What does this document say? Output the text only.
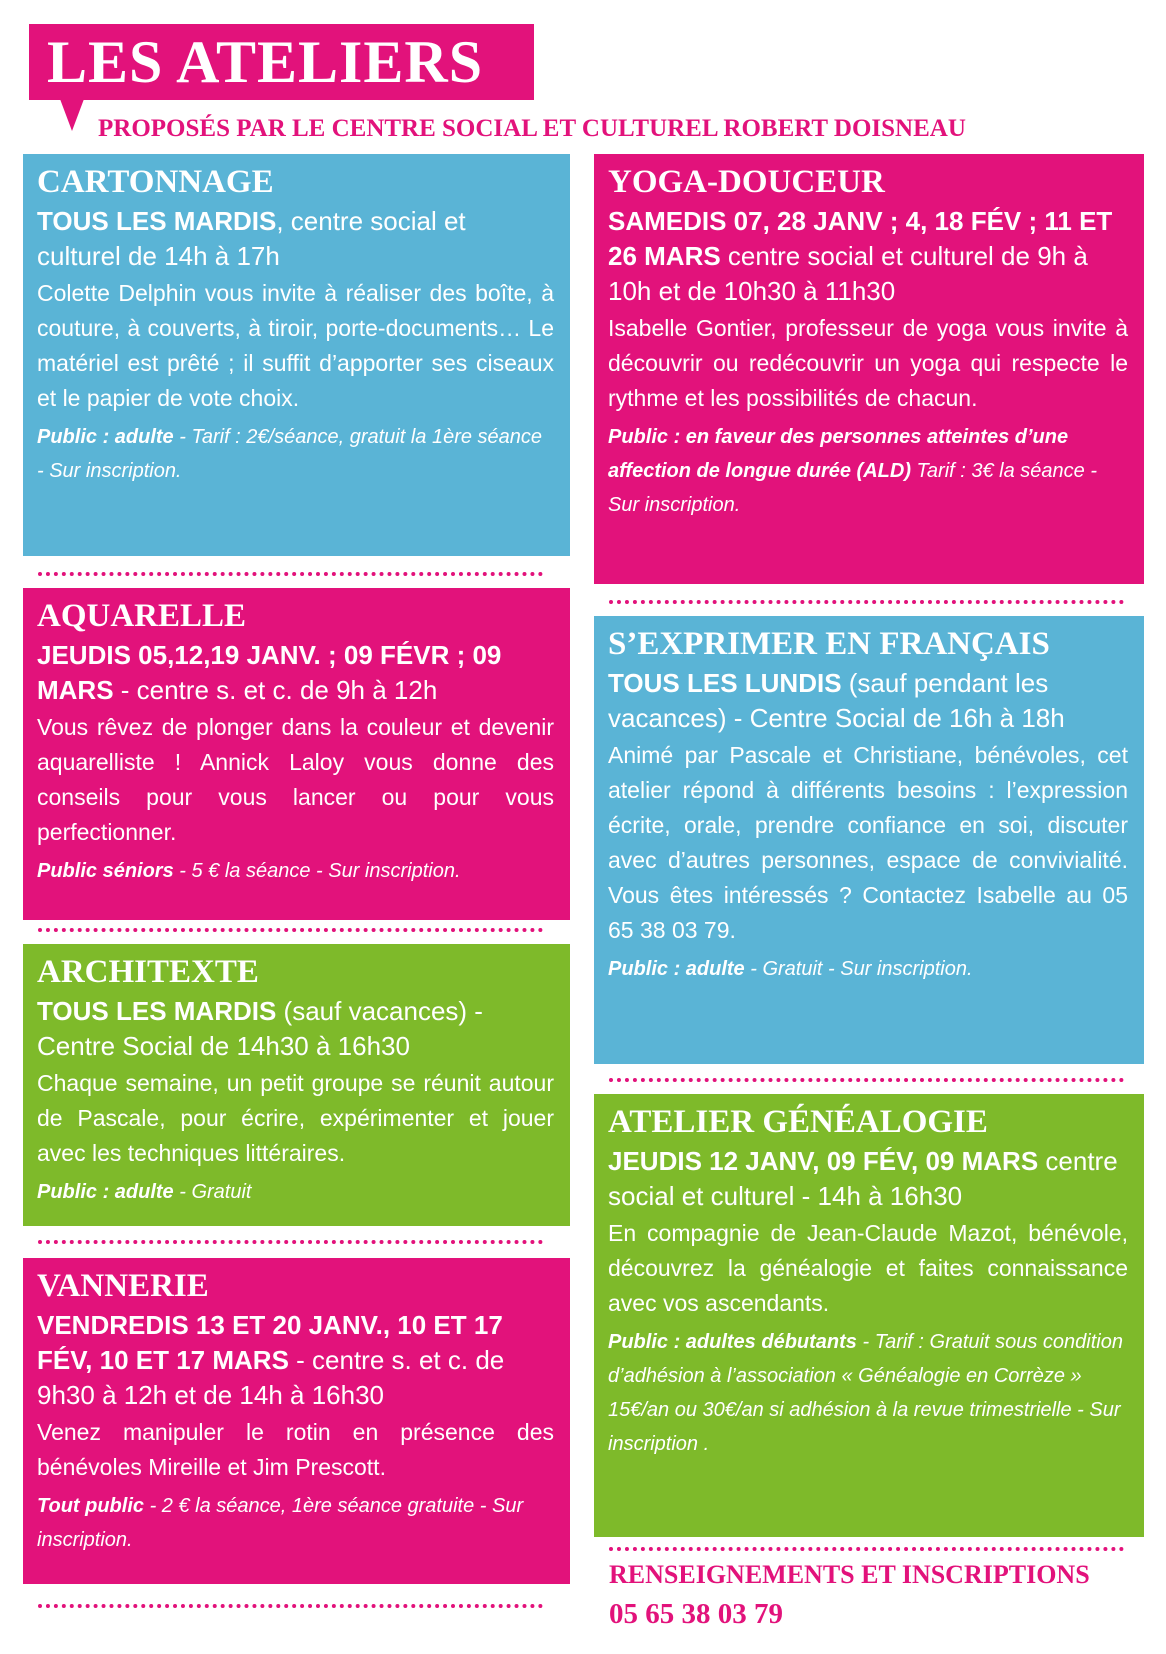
LES ATELIERS
PROPOSÉS PAR LE CENTRE SOCIAL ET CULTUREL ROBERT DOISNEAU
CARTONNAGE
TOUS LES MARDIS, centre social et culturel de 14h à 17h
Colette Delphin vous invite à réaliser des boîte, à couture, à couverts, à tiroir, porte-documents… Le matériel est prêté ; il suffit d’apporter ses ciseaux et le papier de vote choix.
Public : adulte - Tarif : 2€/séance, gratuit la 1ère séance - Sur inscription.
AQUARELLE
JEUDIS 05,12,19 JANV. ; 09 FÉVR ; 09 MARS - centre s. et c. de 9h à 12h
Vous rêvez de plonger dans la couleur et devenir aquarelliste ! Annick Laloy vous donne des conseils pour vous lancer ou pour vous perfectionner.
Public séniors - 5 € la séance - Sur inscription.
ARCHITEXTE
TOUS LES MARDIS (sauf vacances) - Centre Social de 14h30 à 16h30
Chaque semaine, un petit groupe se réunit autour de Pascale, pour écrire, expérimenter et jouer avec les techniques littéraires.
Public : adulte - Gratuit
VANNERIE
VENDREDIS 13 ET 20 JANV., 10 ET 17 FÉV, 10 ET 17 MARS - centre s. et c. de 9h30 à 12h et de 14h à 16h30
Venez manipuler le rotin en présence des bénévoles Mireille et Jim Prescott.
Tout public - 2 € la séance, 1ère séance gratuite - Sur inscription.
YOGA-DOUCEUR
SAMEDIS 07, 28 JANV ; 4, 18 FÉV ; 11 ET 26 MARS centre social et culturel de 9h à 10h et de 10h30 à 11h30
Isabelle Gontier, professeur de yoga vous invite à découvrir ou redécouvrir un yoga qui respecte le rythme et les possibilités de chacun.
Public : en faveur des personnes atteintes d’une affection de longue durée (ALD) Tarif : 3€ la séance - Sur inscription.
S’EXPRIMER EN FRANÇAIS
TOUS LES LUNDIS (sauf pendant les vacances) - Centre Social de 16h à 18h
Animé par Pascale et Christiane, bénévoles, cet atelier répond à différents besoins : l’expression écrite, orale, prendre confiance en soi, discuter avec d’autres personnes, espace de convivialité. Vous êtes intéressés ? Contactez Isabelle au 05 65 38 03 79.
Public : adulte - Gratuit - Sur inscription.
ATELIER GÉNÉALOGIE
JEUDIS 12 JANV, 09 FÉV, 09 MARS centre social et culturel - 14h à 16h30
En compagnie de Jean-Claude Mazot, bénévole, découvrez la généalogie et faites connaissance avec vos ascendants.
Public : adultes débutants - Tarif : Gratuit sous condition d’adhésion à l’association « Généalogie en Corrèze » 15€/an ou 30€/an si adhésion à la revue trimestrielle - Sur inscription .
RENSEIGNEMENTS ET INSCRIPTIONS
05 65 38 03 79
